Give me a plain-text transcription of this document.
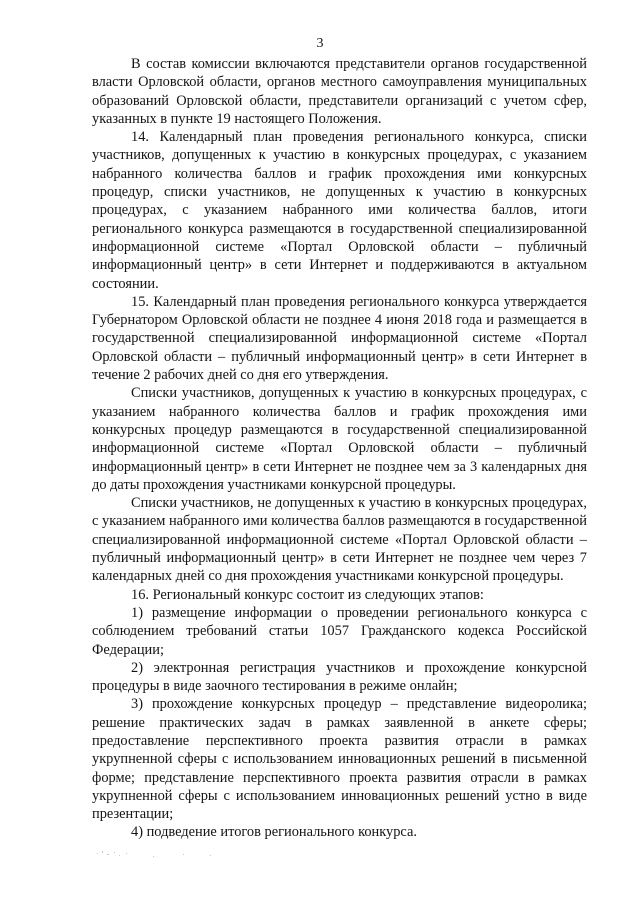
3

В состав комиссии включаются представители органов государственной власти Орловской области, органов местного самоуправления муниципальных образований Орловской области, представители организаций с учетом сфер, указанных в пункте 19 настоящего Положения.

14. Календарный план проведения регионального конкурса, списки участников, допущенных к участию в конкурсных процедурах, с указанием набранного количества баллов и график прохождения ими конкурсных процедур, списки участников, не допущенных к участию в конкурсных процедурах, с указанием набранного ими количества баллов, итоги регионального конкурса размещаются в государственной специализированной информационной системе «Портал Орловской области – публичный информационный центр» в сети Интернет и поддерживаются в актуальном состоянии.

15. Календарный план проведения регионального конкурса утверждается Губернатором Орловской области не позднее 4 июня 2018 года и размещается в государственной специализированной информационной системе «Портал Орловской области – публичный информационный центр» в сети Интернет в течение 2 рабочих дней со дня его утверждения.

Списки участников, допущенных к участию в конкурсных процедурах, с указанием набранного количества баллов и график прохождения ими конкурсных процедур размещаются в государственной специализированной информационной системе «Портал Орловской области – публичный информационный центр» в сети Интернет не позднее чем за 3 календарных дня до даты прохождения участниками конкурсной процедуры.

Списки участников, не допущенных к участию в конкурсных процедурах, с указанием набранного ими количества баллов размещаются в государственной специализированной информационной системе «Портал Орловской области – публичный информационный центр» в сети Интернет не позднее чем через 7 календарных дней со дня прохождения участниками конкурсной процедуры.

16. Региональный конкурс состоит из следующих этапов:

1) размещение информации о проведении регионального конкурса с соблюдением требований статьи 1057 Гражданского кодекса Российской Федерации;

2) электронная регистрация участников и прохождение конкурсной процедуры в виде заочного тестирования в режиме онлайн;

3) прохождение конкурсных процедур – представление видеоролика; решение практических задач в рамках заявленной в анкете сферы; предоставление перспективного проекта развития отрасли в рамках укрупненной сферы с использованием инновационных решений в письменной форме; представление перспективного проекта развития отрасли в рамках укрупненной сферы с использованием инновационных решений устно в виде презентации;

4) подведение итогов регионального конкурса.
